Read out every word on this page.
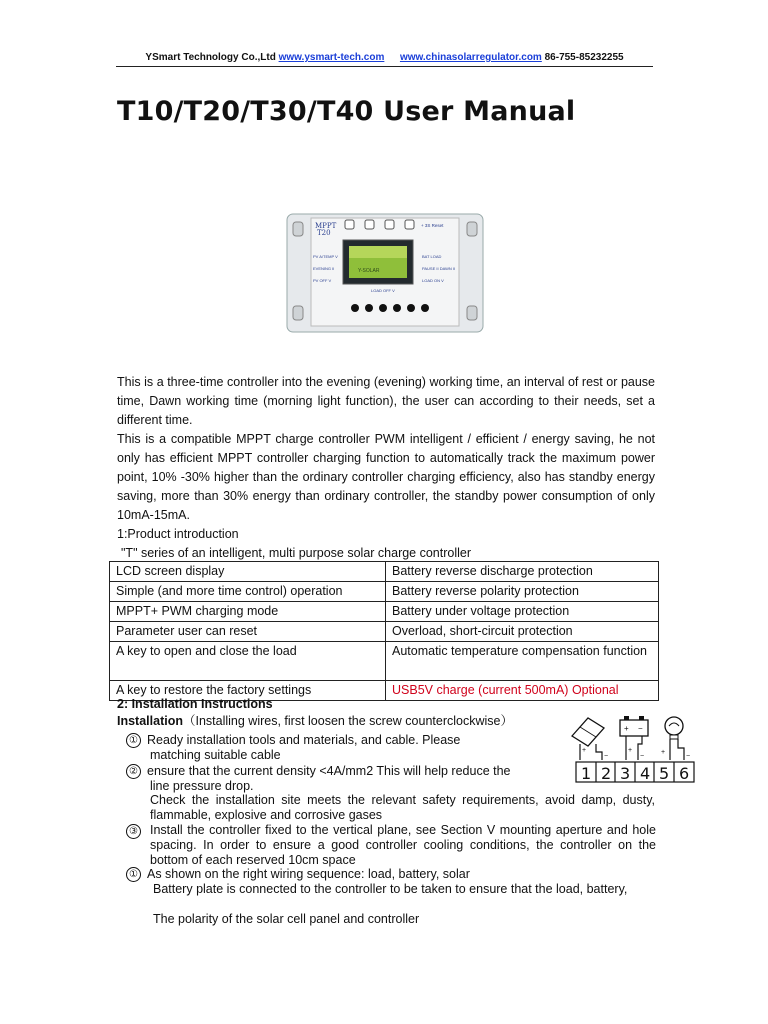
YSmart Technology Co.,Ltd www.ysmart-tech.com www.chinasolarregulator.com 86-755-85232255
T10/T20/T30/T40 User Manual
MPPT
T20
+ 3S Reset
Y-SOLAR
PV A/TEMP V
EVENING II
PV OFF V
BAT LOAD
PAUSE II DAWN II
LOAD ON V
LOAD OFF V
This is a three-time controller into the evening (evening) working time, an interval of rest or pause time, Dawn working time (morning light function), the user can according to their needs, set a different time.
This is a compatible MPPT charge controller PWM intelligent / efficient / energy saving, he not only has efficient MPPT controller charging function to automatically track the maximum power point, 10% -30% higher than the ordinary controller charging efficiency, also has standby energy saving, more than 30% energy than ordinary controller, the standby power consumption of only 10mA-15mA.
1:Product introduction
"T" series of an intelligent, multi purpose solar charge controller
LCD screen display	Battery reverse discharge protection
Simple (and more time control) operation	Battery reverse polarity protection
MPPT+ PWM charging mode	Battery under voltage protection
Parameter user can reset	Overload, short-circuit protection
A key to open and close the load	Automatic temperature compensation function
A key to restore the factory settings	USB5V charge (current 500mA) Optional
2: Installation Instructions
Installation（Installing wires, first loosen the screw counterclockwise）
① Ready installation tools and materials, and cable. Please
matching suitable cable
② ensure that the current density <4A/mm2 This will help reduce the
line pressure drop.
Check the installation site meets the relevant safety requirements, avoid damp, dusty, flammable, explosive and corrosive gases
③ Install the controller fixed to the vertical plane, see Section V mounting aperture and hole spacing. In order to ensure a good controller cooling conditions, the controller on the bottom of each reserved 10cm space
① As shown on the right wiring sequence: load, battery, solar
Battery plate is connected to the controller to be taken to ensure that the load, battery,
The polarity of the solar cell panel and controller
+ −
+
−
+
−
+
−
1 2 3 4 5 6
